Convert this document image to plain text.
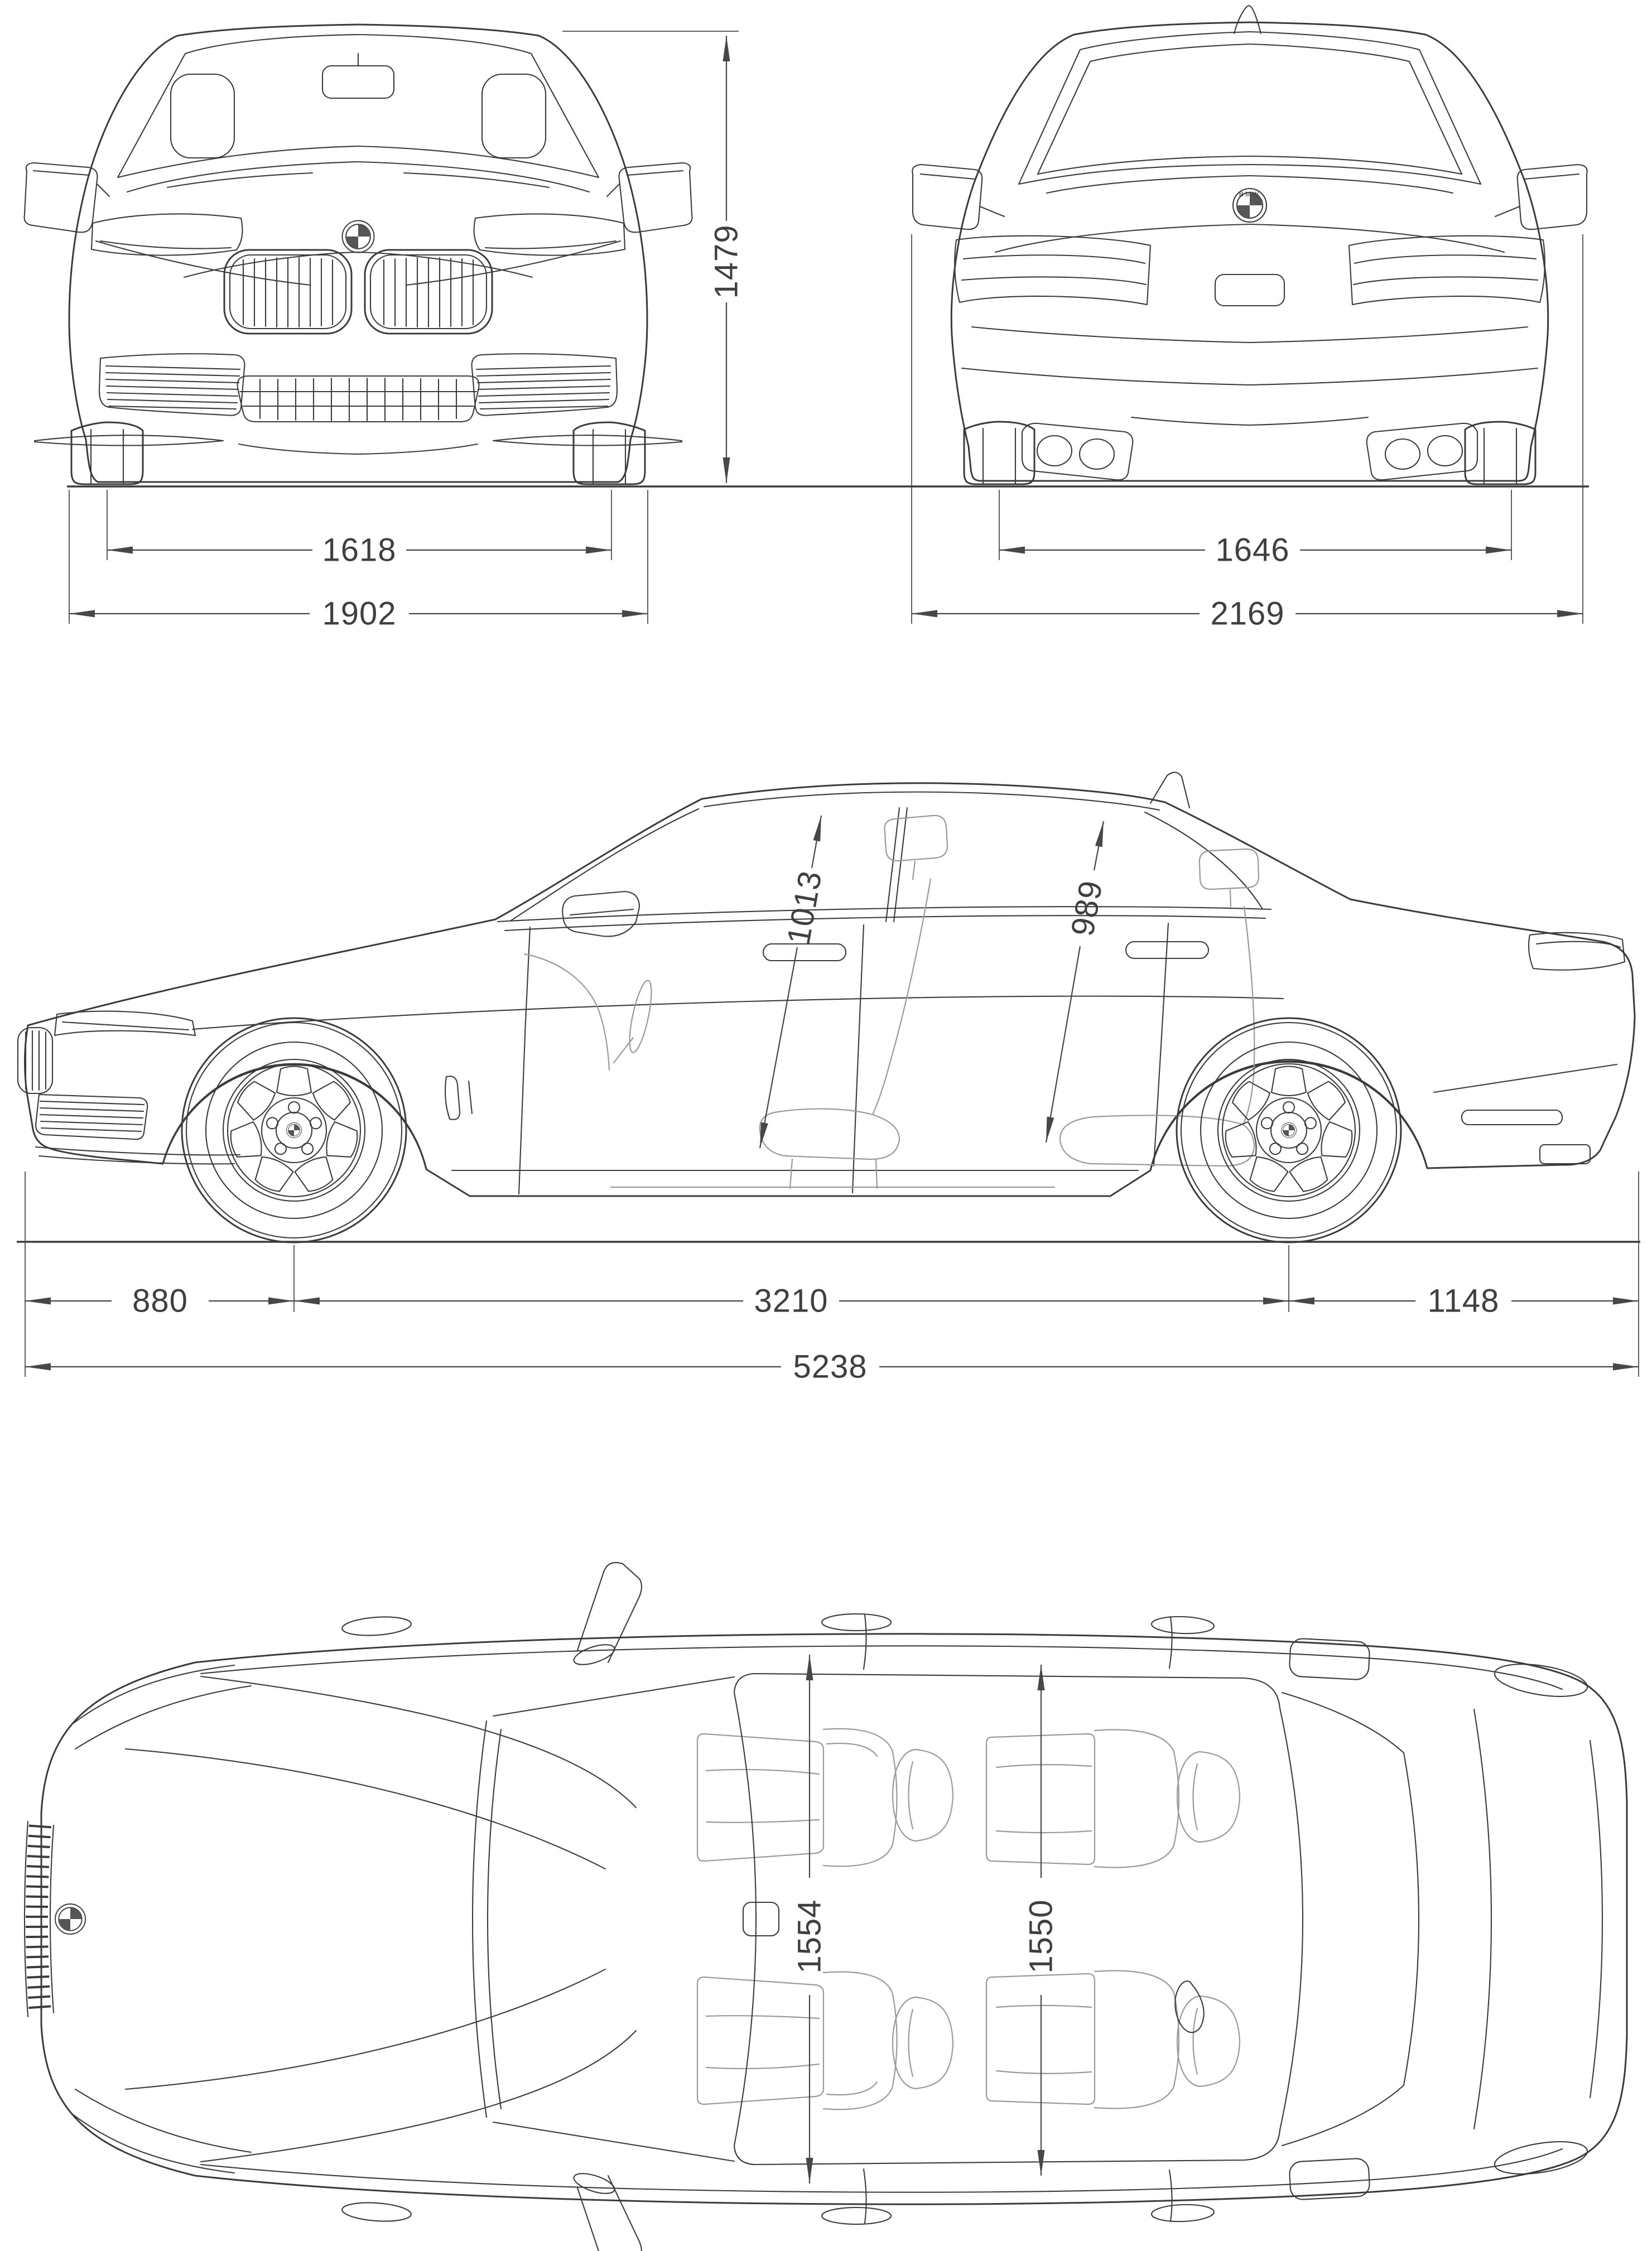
1618
1902
1479
BMW
1646
2169
1013	989
880	3210	1148
5238
1554	1550
